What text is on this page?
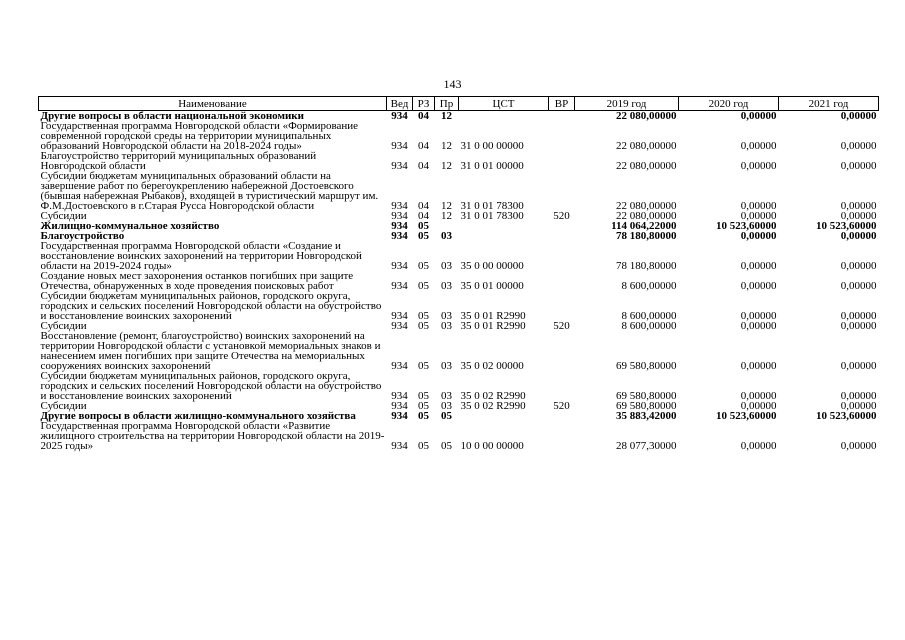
143
Наименование	Вед	РЗ	Пр	ЦСТ	ВР	2019 год	2020 год	2021 год
Другие вопросы в области национальной экономики	934	04	12			22 080,00000	0,00000	0,00000
Государственная программа Новгородской области «Формирование современной городской среды на территории муниципальных образований Новгородской области на 2018-2024 годы»	934	04	12	31 0 00 00000		22 080,00000	0,00000	0,00000
Благоустройство территорий муниципальных образований Новгородской области	934	04	12	31 0 01 00000		22 080,00000	0,00000	0,00000
Субсидии бюджетам муниципальных образований области на завершение работ по берегоукреплению набережной Достоевского (бывшая набережная Рыбаков), входящей в туристический маршрут им. Ф.М.Достоевского в г.Старая Русса Новгородской области	934	04	12	31 0 01 78300		22 080,00000	0,00000	0,00000
Субсидии	934	04	12	31 0 01 78300	520	22 080,00000	0,00000	0,00000
Жилищно-коммунальное хозяйство	934	05				114 064,22000	10 523,60000	10 523,60000
Благоустройство	934	05	03			78 180,80000	0,00000	0,00000
Государственная программа Новгородской области «Создание и восстановление воинских захоронений на территории Новгородской области на 2019-2024 годы»	934	05	03	35 0 00 00000		78 180,80000	0,00000	0,00000
Создание новых мест захоронения останков погибших при защите Отечества, обнаруженных в ходе проведения поисковых работ	934	05	03	35 0 01 00000		8 600,00000	0,00000	0,00000
Субсидии бюджетам муниципальных районов, городского округа, городских и сельских поселений Новгородской области на обустройство и восстановление воинских захоронений	934	05	03	35 0 01 R2990		8 600,00000	0,00000	0,00000
Субсидии	934	05	03	35 0 01 R2990	520	8 600,00000	0,00000	0,00000
Восстановление (ремонт, благоустройство) воинских захоронений на территории Новгородской области с установкой мемориальных знаков и нанесением имен погибших при защите Отечества на мемориальных сооружениях воинских захоронений	934	05	03	35 0 02 00000		69 580,80000	0,00000	0,00000
Субсидии бюджетам муниципальных районов, городского округа, городских и сельских поселений Новгородской области на обустройство и восстановление воинских захоронений	934	05	03	35 0 02 R2990		69 580,80000	0,00000	0,00000
Субсидии	934	05	03	35 0 02 R2990	520	69 580,80000	0,00000	0,00000
Другие вопросы в области жилищно-коммунального хозяйства	934	05	05			35 883,42000	10 523,60000	10 523,60000
Государственная программа Новгородской области «Развитие жилищного строительства на территории Новгородской области на 2019-2025 годы»	934	05	05	10 0 00 00000		28 077,30000	0,00000	0,00000
